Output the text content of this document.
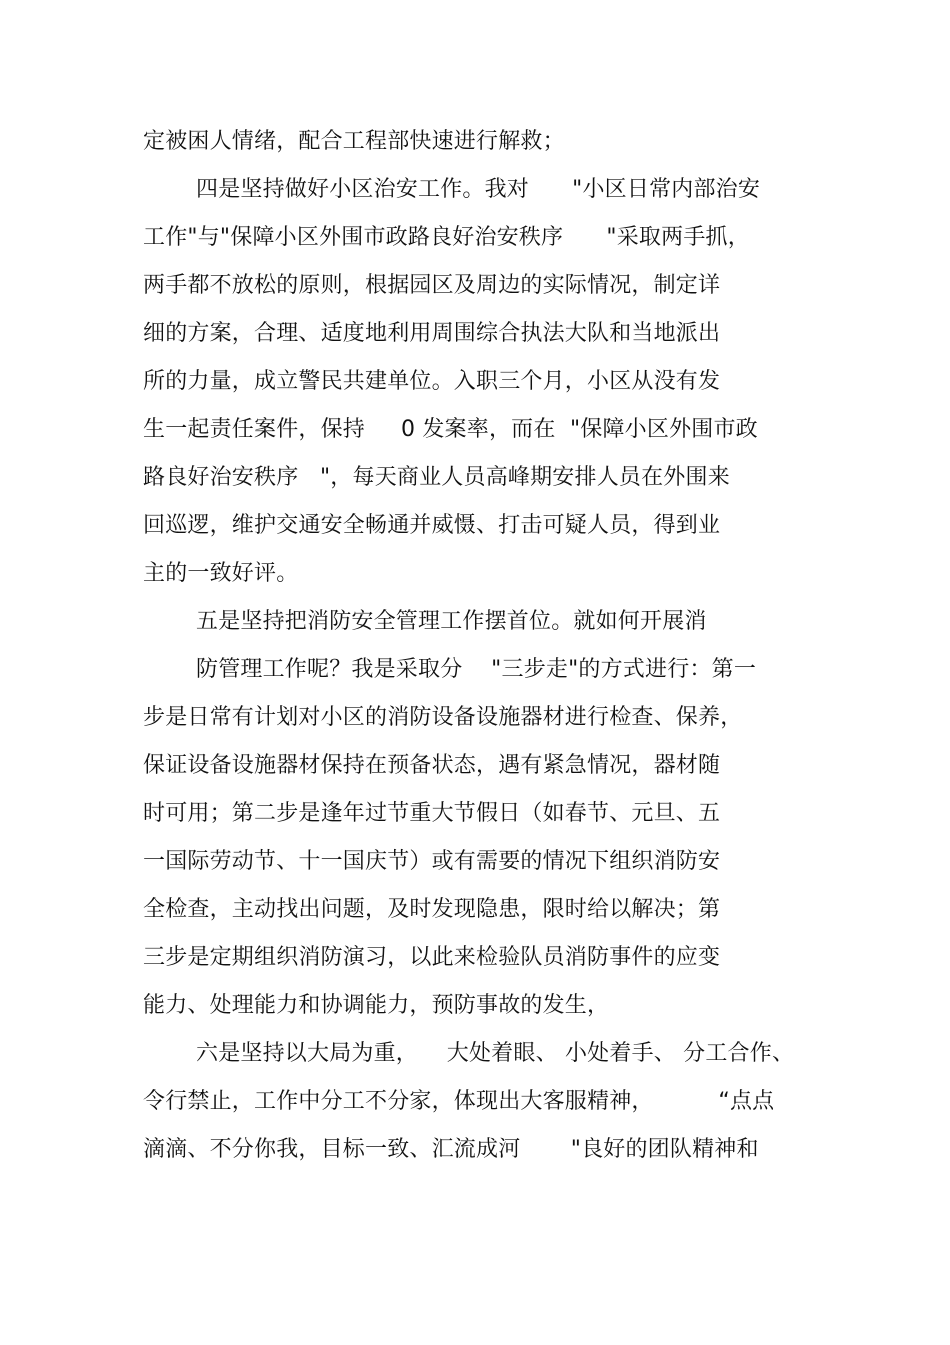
定被困人情绪，配合工程部快速进行解救；
四是坚持做好小区治安工作。我对      "小区日常内部治安
工作"与"保障小区外围市政路良好治安秩序      "采取两手抓，
两手都不放松的原则，根据园区及周边的实际情况，制定详
细的方案，合理、适度地利用周围综合执法大队和当地派出
所的力量，成立警民共建单位。入职三个月，小区从没有发
生一起责任案件，保持     0 发案率，而在  "保障小区外围市政
路良好治安秩序   "，每天商业人员高峰期安排人员在外围来
回巡逻，维护交通安全畅通并威慑、打击可疑人员，得到业
主的一致好评。
五是坚持把消防安全管理工作摆首位。就如何开展消
防管理工作呢？我是采取分    "三步走"的方式进行：第一
步是日常有计划对小区的消防设备设施器材进行检查、保养，
保证设备设施器材保持在预备状态，遇有紧急情况，器材随
时可用；第二步是逢年过节重大节假日（如春节、元旦、五
一国际劳动节、十一国庆节）或有需要的情况下组织消防安
全检查，主动找出问题，及时发现隐患，限时给以解决；第
三步是定期组织消防演习，以此来检验队员消防事件的应变
能力、处理能力和协调能力，预防事故的发生，
六是坚持以大局为重，    大处着眼、 小处着手、 分工合作、
令行禁止，工作中分工不分家，体现出大客服精神，         “点点
滴滴、不分你我，目标一致、汇流成河       "良好的团队精神和
